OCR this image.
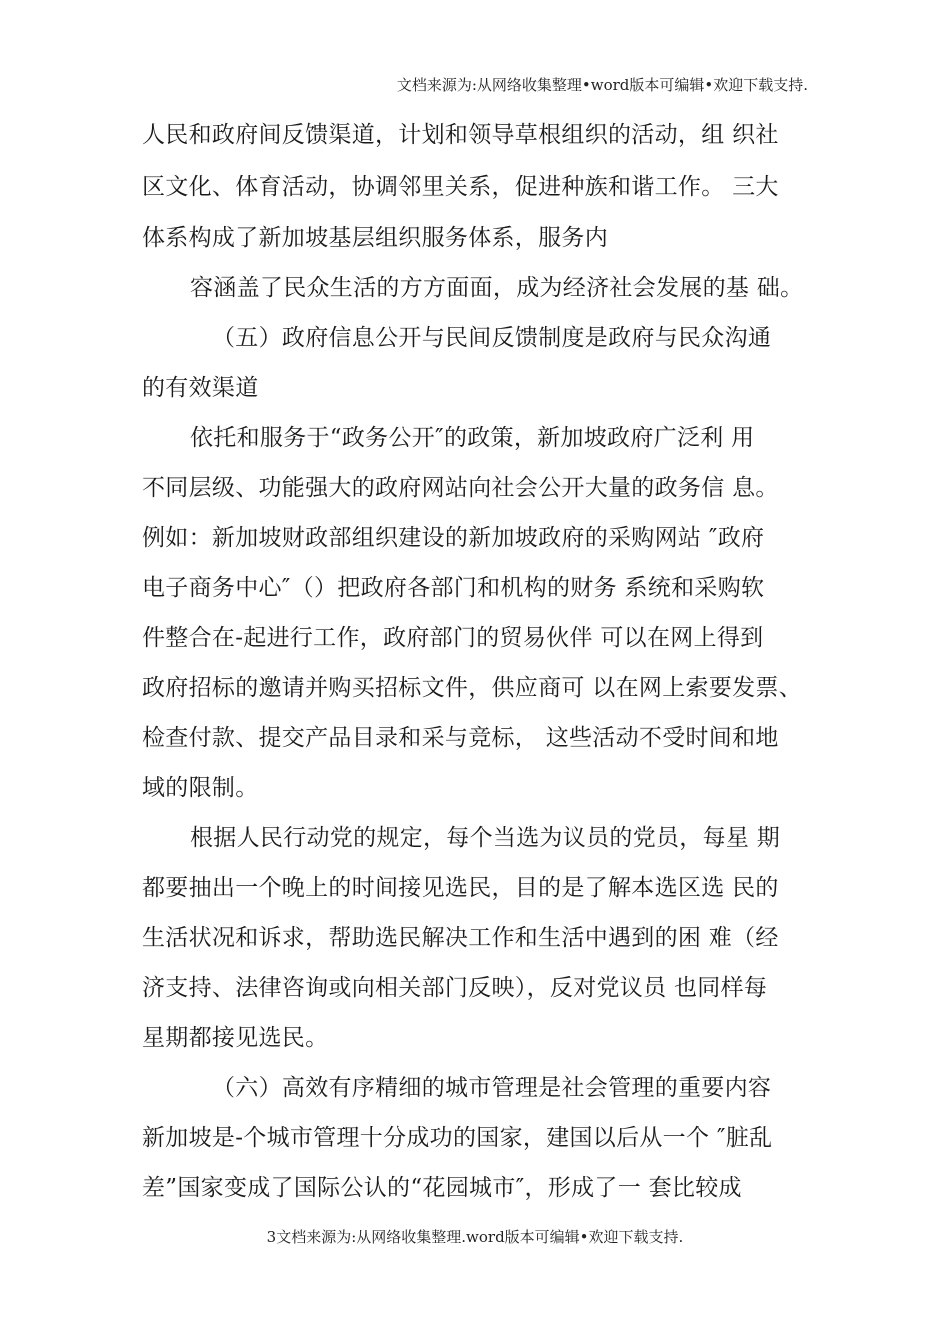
文档来源为:从网络收集整理•word版本可编辑•欢迎下载支持.
人民和政府间反馈渠道，计划和领导草根组织的活动，组 织社
区文化、体育活动，协调邻里关系，促进种族和谐工作。 三大
体系构成了新加坡基层组织服务体系，服务内
容涵盖了民众生活的方方面面，成为经济社会发展的基 础。
（五）政府信息公开与民间反馈制度是政府与民众沟通
的有效渠道
依托和服务于“政务公开″的政策，新加坡政府广泛利 用
不同层级、功能强大的政府网站向社会公开大量的政务信 息。
例如：新加坡财政部组织建设的新加坡政府的采购网站 ″政府
电子商务中心″（）把政府各部门和机构的财务 系统和采购软
件整合在-起进行工作，政府部门的贸易伙伴 可以在网上得到
政府招标的邀请并购买招标文件，供应商可 以在网上索要发票、
检查付款、提交产品目录和采与竞标， 这些活动不受时间和地
域的限制。
根据人民行动党的规定，每个当选为议员的党员，每星 期
都要抽出一个晚上的时间接见选民，目的是了解本选区选 民的
生活状况和诉求，帮助选民解决工作和生活中遇到的困 难（经
济支持、法律咨询或向相关部门反映），反对党议员 也同样每
星期都接见选民。
（六）高效有序精细的城市管理是社会管理的重要内容
新加坡是-个城市管理十分成功的国家，建国以后从一个 ″脏乱
差”国家变成了国际公认的“花园城市″，形成了一 套比较成
3文档来源为:从网络收集整理.word版本可编辑•欢迎下载支持.
